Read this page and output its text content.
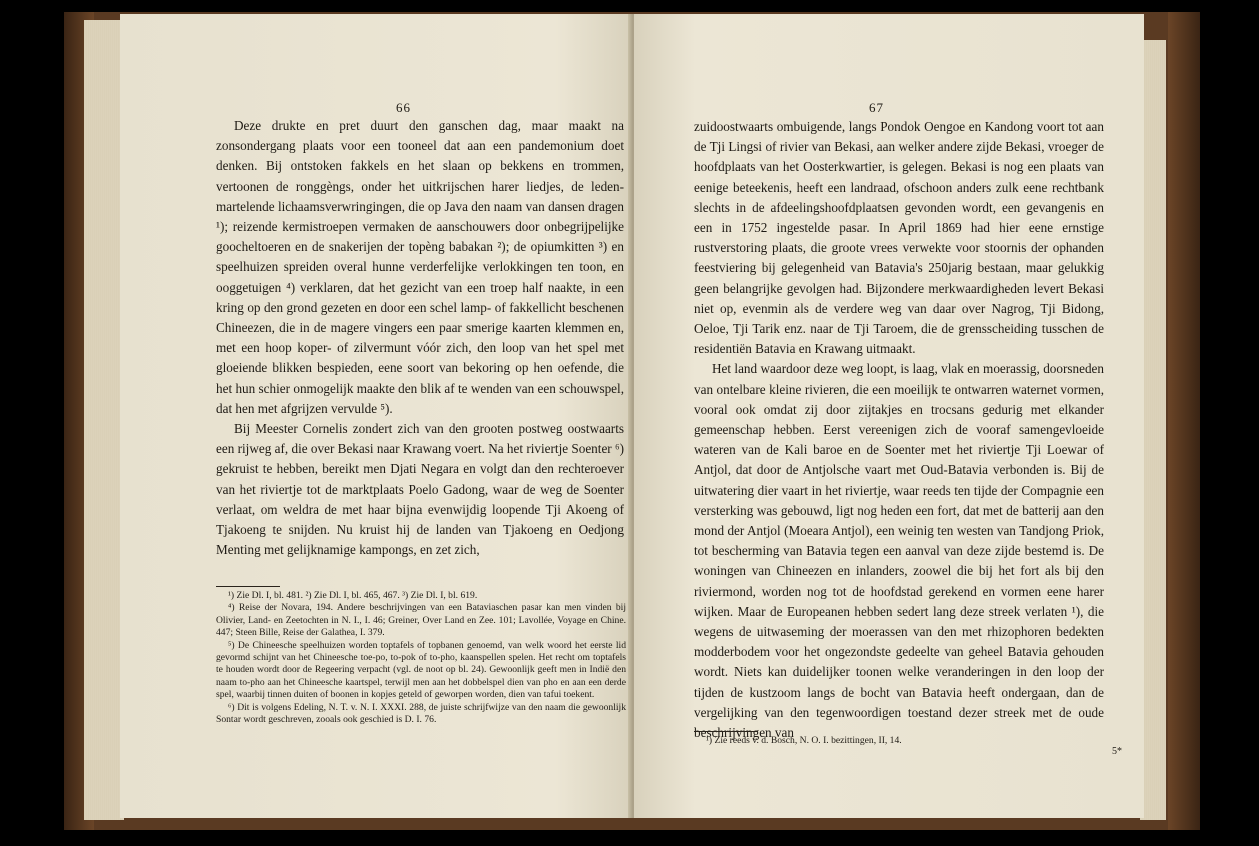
66

Deze drukte en pret duurt den ganschen dag, maar maakt na zonsondergang plaats voor een tooneel dat aan een pandemonium doet denken. Bij ontstoken fakkels en het slaan op bekkens en trommen, vertoonen de ronggèngs, onder het uitkrijschen harer liedjes, de leden-martelende lichaamsverwringingen, die op Java den naam van dansen dragen ¹); reizende kermistroepen vermaken de aanschouwers door onbegrijpelijke goocheltoeren en de snakerijen der topèng babakan ²); de opiumkitten ³) en speelhuizen spreiden overal hunne verderfelijke verlokkingen ten toon, en ooggetuigen ⁴) verklaren, dat het gezicht van een troep half naakte, in een kring op den grond gezeten en door een schel lamp- of fakkellicht beschenen Chineezen, die in de magere vingers een paar smerige kaarten klemmen en, met een hoop koper- of zilvermunt vóór zich, den loop van het spel met gloeiende blikken bespieden, eene soort van bekoring op hen oefende, die het hun schier onmogelijk maakte den blik af te wenden van een schouwspel, dat hen met afgrijzen vervulde ⁵).

Bij Meester Cornelis zondert zich van den grooten postweg oostwaarts een rijweg af, die over Bekasi naar Krawang voert. Na het riviertje Soenter ⁶) gekruist te hebben, bereikt men Djati Negara en volgt dan den rechteroever van het riviertje tot de marktplaats Poelo Gadong, waar de weg de Soenter verlaat, om weldra de met haar bijna evenwijdig loopende Tji Akoeng of Tjakoeng te snijden. Nu kruist hij de landen van Tjakoeng en Oedjong Menting met gelijknamige kampongs, en zet zich,

¹) Zie Dl. I, bl. 481. ²) Zie Dl. I, bl. 465, 467. ³) Zie Dl. I, bl. 619.

⁴) Reise der Novara, 194. Andere beschrijvingen van een Bataviaschen pasar kan men vinden bij Olivier, Land- en Zeetochten in N. I., I. 46; Greiner, Over Land en Zee. 101; Lavollée, Voyage en Chine. 447; Steen Bille, Reise der Galathea, I. 379.

⁵) De Chineesche speelhuizen worden toptafels of topbanen genoemd, van welk woord het eerste lid gevormd schijnt van het Chineesche toe-po, to-pok of to-pho, kaanspellen spelen. Het recht om toptafels te houden wordt door de Regeering verpacht (vgl. de noot op bl. 24). Gewoonlijk geeft men in Indië den naam to-pho aan het Chineesche kaartspel, terwijl men aan het dobbelspel dien van pho en aan een derde spel, waarbij tinnen duiten of boonen in kopjes geteld of geworpen worden, dien van tafui toekent.

⁶) Dit is volgens Edeling, N. T. v. N. I. XXXI. 288, de juiste schrijfwijze van den naam die gewoonlijk Sontar wordt geschreven, zooals ook geschied is D. I. 76.

67

zuidoostwaarts ombuigende, langs Pondok Oengoe en Kandong voort tot aan de Tji Lingsi of rivier van Bekasi, aan welker andere zijde Bekasi, vroeger de hoofdplaats van het Oosterkwartier, is gelegen. Bekasi is nog een plaats van eenige beteekenis, heeft een landraad, ofschoon anders zulk eene rechtbank slechts in de afdeelingshoofdplaatsen gevonden wordt, een gevangenis en een in 1752 ingestelde pasar. In April 1869 had hier eene ernstige rustverstoring plaats, die groote vrees verwekte voor stoornis der ophanden feestviering bij gelegenheid van Batavia's 250jarig bestaan, maar gelukkig geen belangrijke gevolgen had. Bijzondere merkwaardigheden levert Bekasi niet op, evenmin als de verdere weg van daar over Nagrog, Tji Bidong, Oeloe, Tji Tarik enz. naar de Tji Taroem, die de grensscheiding tusschen de residentiën Batavia en Krawang uitmaakt.

Het land waardoor deze weg loopt, is laag, vlak en moerassig, doorsneden van ontelbare kleine rivieren, die een moeilijk te ontwarren waternet vormen, vooral ook omdat zij door zijtakjes en trocsans gedurig met elkander gemeenschap hebben. Eerst vereenigen zich de vooraf samengevloeide wateren van de Kali baroe en de Soenter met het riviertje Tji Loewar of Antjol, dat door de Antjolsche vaart met Oud-Batavia verbonden is. Bij de uitwatering dier vaart in het riviertje, waar reeds ten tijde der Compagnie een versterking was gebouwd, ligt nog heden een fort, dat met de batterij aan den mond der Antjol (Moeara Antjol), een weinig ten westen van Tandjong Priok, tot bescherming van Batavia tegen een aanval van deze zijde bestemd is. De woningen van Chineezen en inlanders, zoowel die bij het fort als bij den riviermond, worden nog tot de hoofdstad gerekend en vormen eene harer wijken. Maar de Europeanen hebben sedert lang deze streek verlaten ¹), die wegens de uitwaseming der moerassen van den met rhizophoren bedekten modderbodem voor het ongezondste gedeelte van geheel Batavia gehouden wordt. Niets kan duidelijker toonen welke veranderingen in den loop der tijden de kustzoom langs de bocht van Batavia heeft ondergaan, dan de vergelijking van den tegenwoordigen toestand dezer streek met de oude beschrijvingen van

¹) Zie reeds v. d. Bosch, N. O. I. bezittingen, II, 14.

5*
